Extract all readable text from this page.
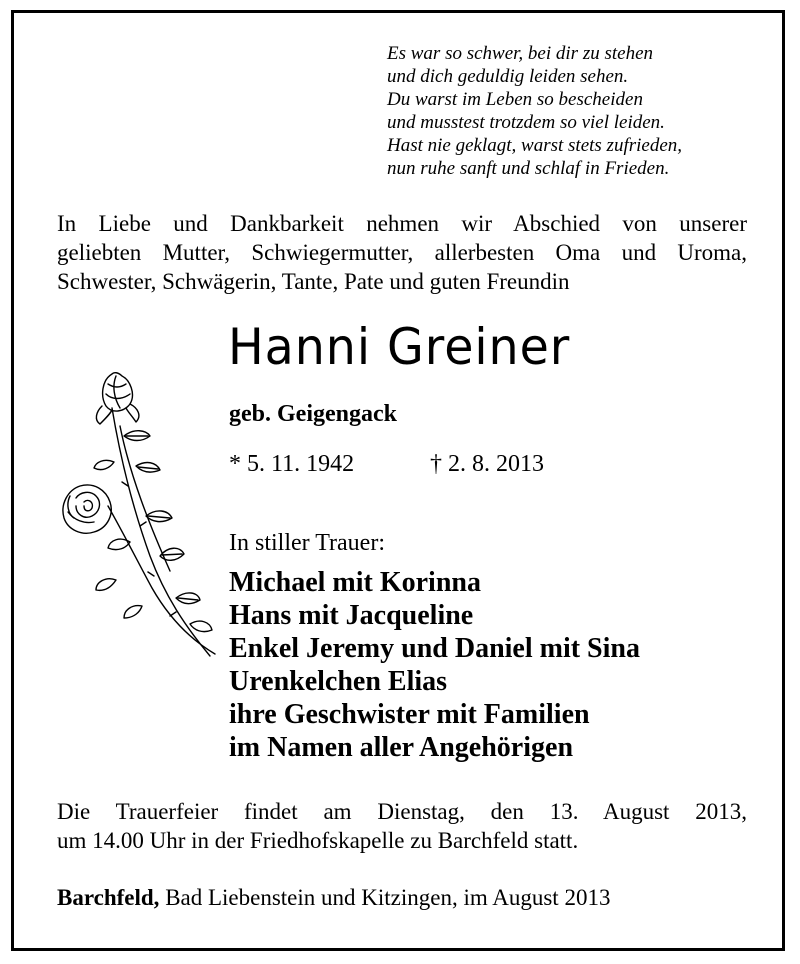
Es war so schwer, bei dir zu stehen
und dich geduldig leiden sehen.
Du warst im Leben so bescheiden
und musstest trotzdem so viel leiden.
Hast nie geklagt, warst stets zufrieden,
nun ruhe sanft und schlaf in Frieden.
In Liebe und Dankbarkeit nehmen wir Abschied von unserer
geliebten Mutter, Schwiegermutter, allerbesten Oma und Uroma,
Schwester, Schwägerin, Tante, Pate und guten Freundin
Hanni Greiner
geb. Geigengack
* 5. 11. 1942	† 2. 8. 2013
In stiller Trauer:
Michael mit Korinna
Hans mit Jacqueline
Enkel Jeremy und Daniel mit Sina
Urenkelchen Elias
ihre Geschwister mit Familien
im Namen aller Angehörigen
Die Trauerfeier findet am Dienstag, den 13. August 2013,
um 14.00 Uhr in der Friedhofskapelle zu Barchfeld statt.
Barchfeld, Bad Liebenstein und Kitzingen, im August 2013
